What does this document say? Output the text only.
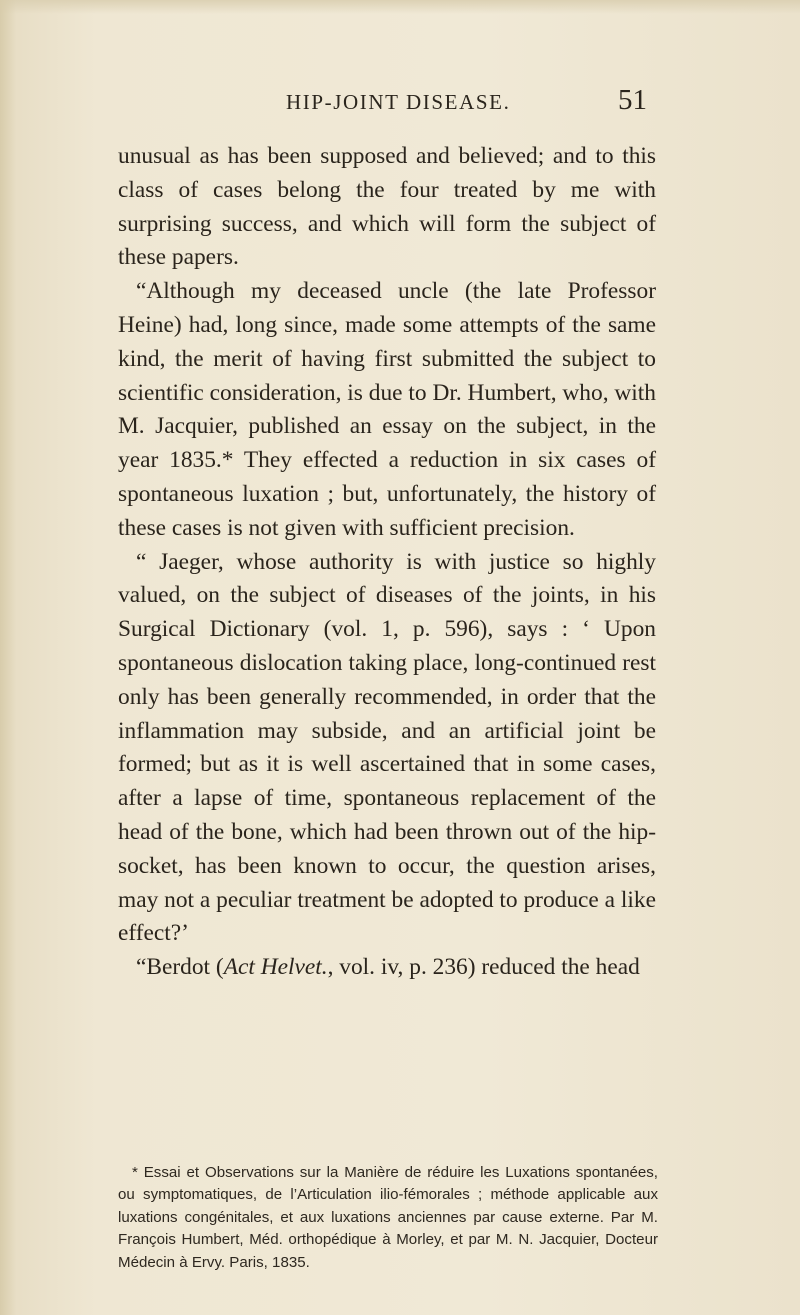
HIP-JOINT DISEASE.	51

unusual as has been supposed and believed; and to this class of cases belong the four treated by me with surprising success, and which will form the subject of these papers.

“Although my deceased uncle (the late Professor Heine) had, long since, made some attempts of the same kind, the merit of having first submitted the subject to scientific consideration, is due to Dr. Humbert, who, with M. Jacquier, published an essay on the subject, in the year 1835.* They effected a reduction in six cases of spontaneous luxation ; but, unfortunately, the history of these cases is not given with sufficient precision.

“ Jaeger, whose authority is with justice so highly valued, on the subject of diseases of the joints, in his Surgical Dictionary (vol. 1, p. 596), says : ‘ Upon spontaneous dislocation taking place, long-continued rest only has been generally recommended, in order that the inflammation may subside, and an artificial joint be formed; but as it is well ascertained that in some cases, after a lapse of time, spontaneous replacement of the head of the bone, which had been thrown out of the hip-socket, has been known to occur, the question arises, may not a peculiar treatment be adopted to produce a like effect?’

“Berdot (Act Helvet., vol. iv, p. 236) reduced the head

* Essai et Observations sur la Manière de réduire les Luxations spontanées, ou symptomatiques, de l’Articulation ilio-fémorales ; méthode applicable aux luxations congénitales, et aux luxations anciennes par cause externe. Par M. François Humbert, Méd. orthopédique à Morley, et par M. N. Jacquier, Docteur Médecin à Ervy. Paris, 1835.
